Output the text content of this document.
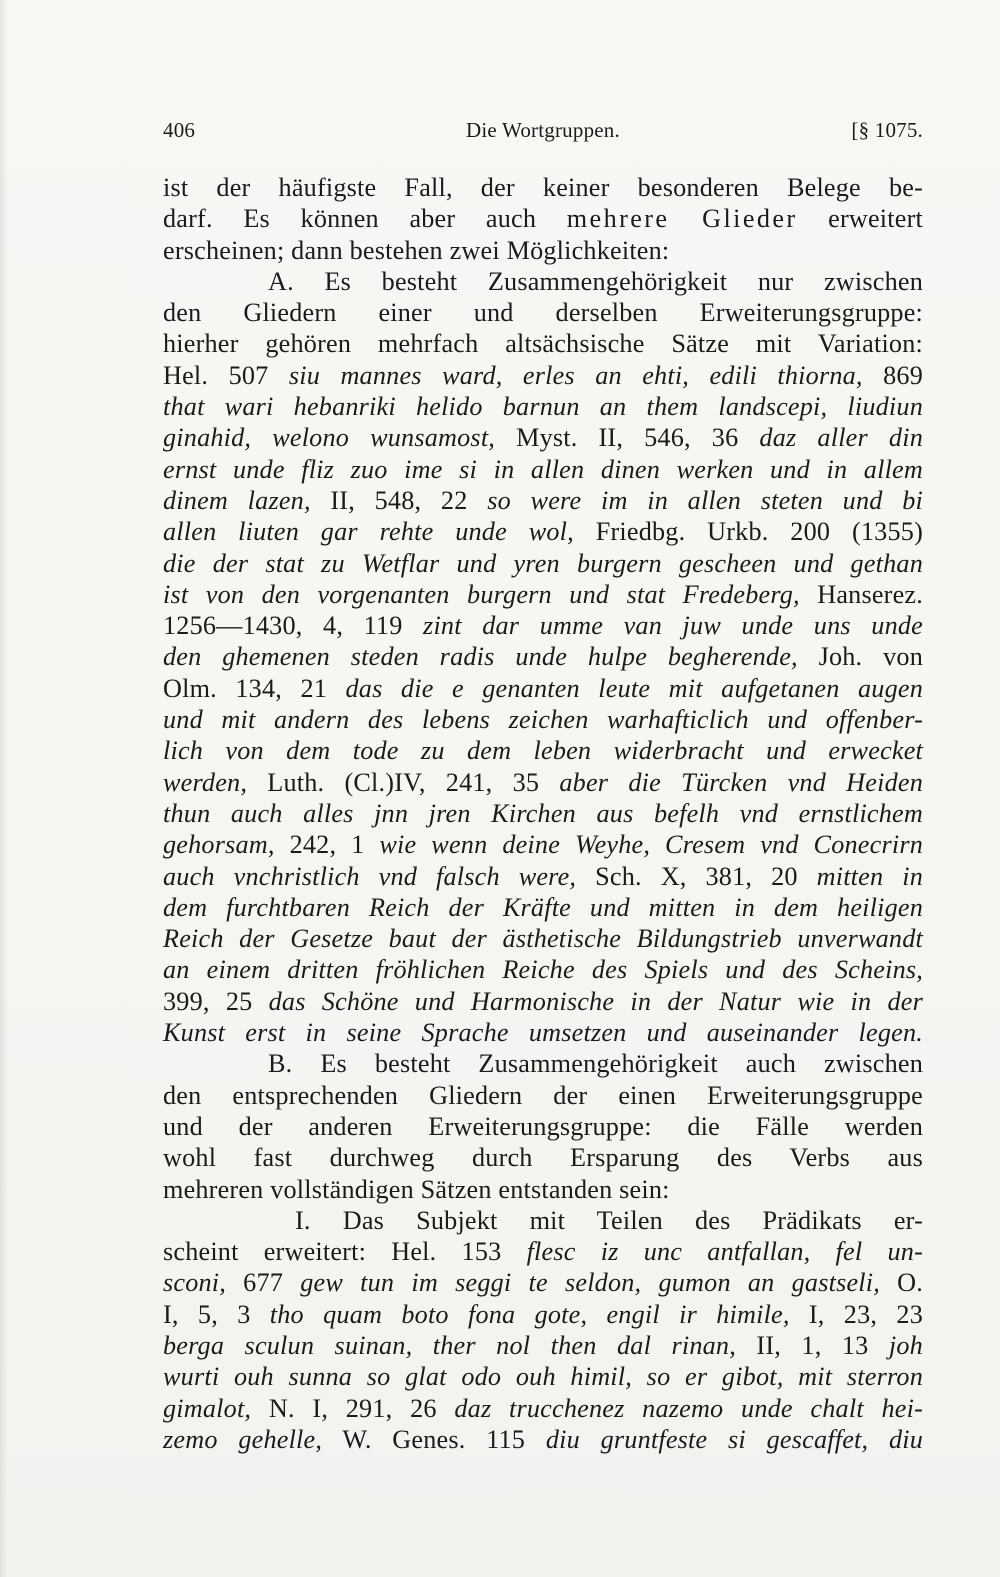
406	Die Wortgruppen.	[§ 1075.
ist der häufigste Fall, der keiner besonderen Belege be-
darf. Es können aber auch mehrere Glieder erweitert
erscheinen; dann bestehen zwei Möglichkeiten:
A. Es besteht Zusammengehörigkeit nur zwischen
den Gliedern einer und derselben Erweiterungsgruppe:
hierher gehören mehrfach altsächsische Sätze mit Variation:
Hel. 507 siu mannes ward, erles an ehti, edili thiorna, 869
that wari hebanriki helido barnun an them landscepi, liudiun
ginahid, welono wunsamost, Myst. II, 546, 36 daz aller din
ernst unde fliz zuo ime si in allen dinen werken und in allem
dinem lazen, II, 548, 22 so were im in allen steten und bi
allen liuten gar rehte unde wol, Friedbg. Urkb. 200 (1355)
die der stat zu Wetflar und yren burgern gescheen und gethan
ist von den vorgenanten burgern und stat Fredeberg, Hanserez.
1256—1430, 4, 119 zint dar umme van juw unde uns unde
den ghemenen steden radis unde hulpe begherende, Joh. von
Olm. 134, 21 das die e genanten leute mit aufgetanen augen
und mit andern des lebens zeichen warhafticlich und offenber-
lich von dem tode zu dem leben widerbracht und erwecket
werden, Luth. (Cl.)IV, 241, 35 aber die Türcken vnd Heiden
thun auch alles jnn jren Kirchen aus befelh vnd ernstlichem
gehorsam, 242, 1 wie wenn deine Weyhe, Cresem vnd Conecrirn
auch vnchristlich vnd falsch were, Sch. X, 381, 20 mitten in
dem furchtbaren Reich der Kräfte und mitten in dem heiligen
Reich der Gesetze baut der ästhetische Bildungstrieb unverwandt
an einem dritten fröhlichen Reiche des Spiels und des Scheins,
399, 25 das Schöne und Harmonische in der Natur wie in der
Kunst erst in seine Sprache umsetzen und auseinander legen.
B. Es besteht Zusammengehörigkeit auch zwischen
den entsprechenden Gliedern der einen Erweiterungsgruppe
und der anderen Erweiterungsgruppe: die Fälle werden
wohl fast durchweg durch Ersparung des Verbs aus
mehreren vollständigen Sätzen entstanden sein:
I. Das Subjekt mit Teilen des Prädikats er-
scheint erweitert: Hel. 153 flesc iz unc antfallan, fel un-
sconi, 677 gew tun im seggi te seldon, gumon an gastseli, O.
I, 5, 3 tho quam boto fona gote, engil ir himile, I, 23, 23
berga sculun suinan, ther nol then dal rinan, II, 1, 13 joh
wurti ouh sunna so glat odo ouh himil, so er gibot, mit sterron
gimalot, N. I, 291, 26 daz trucchenez nazemo unde chalt hei-
zemo gehelle, W. Genes. 115 diu gruntfeste si gescaffet, diu
